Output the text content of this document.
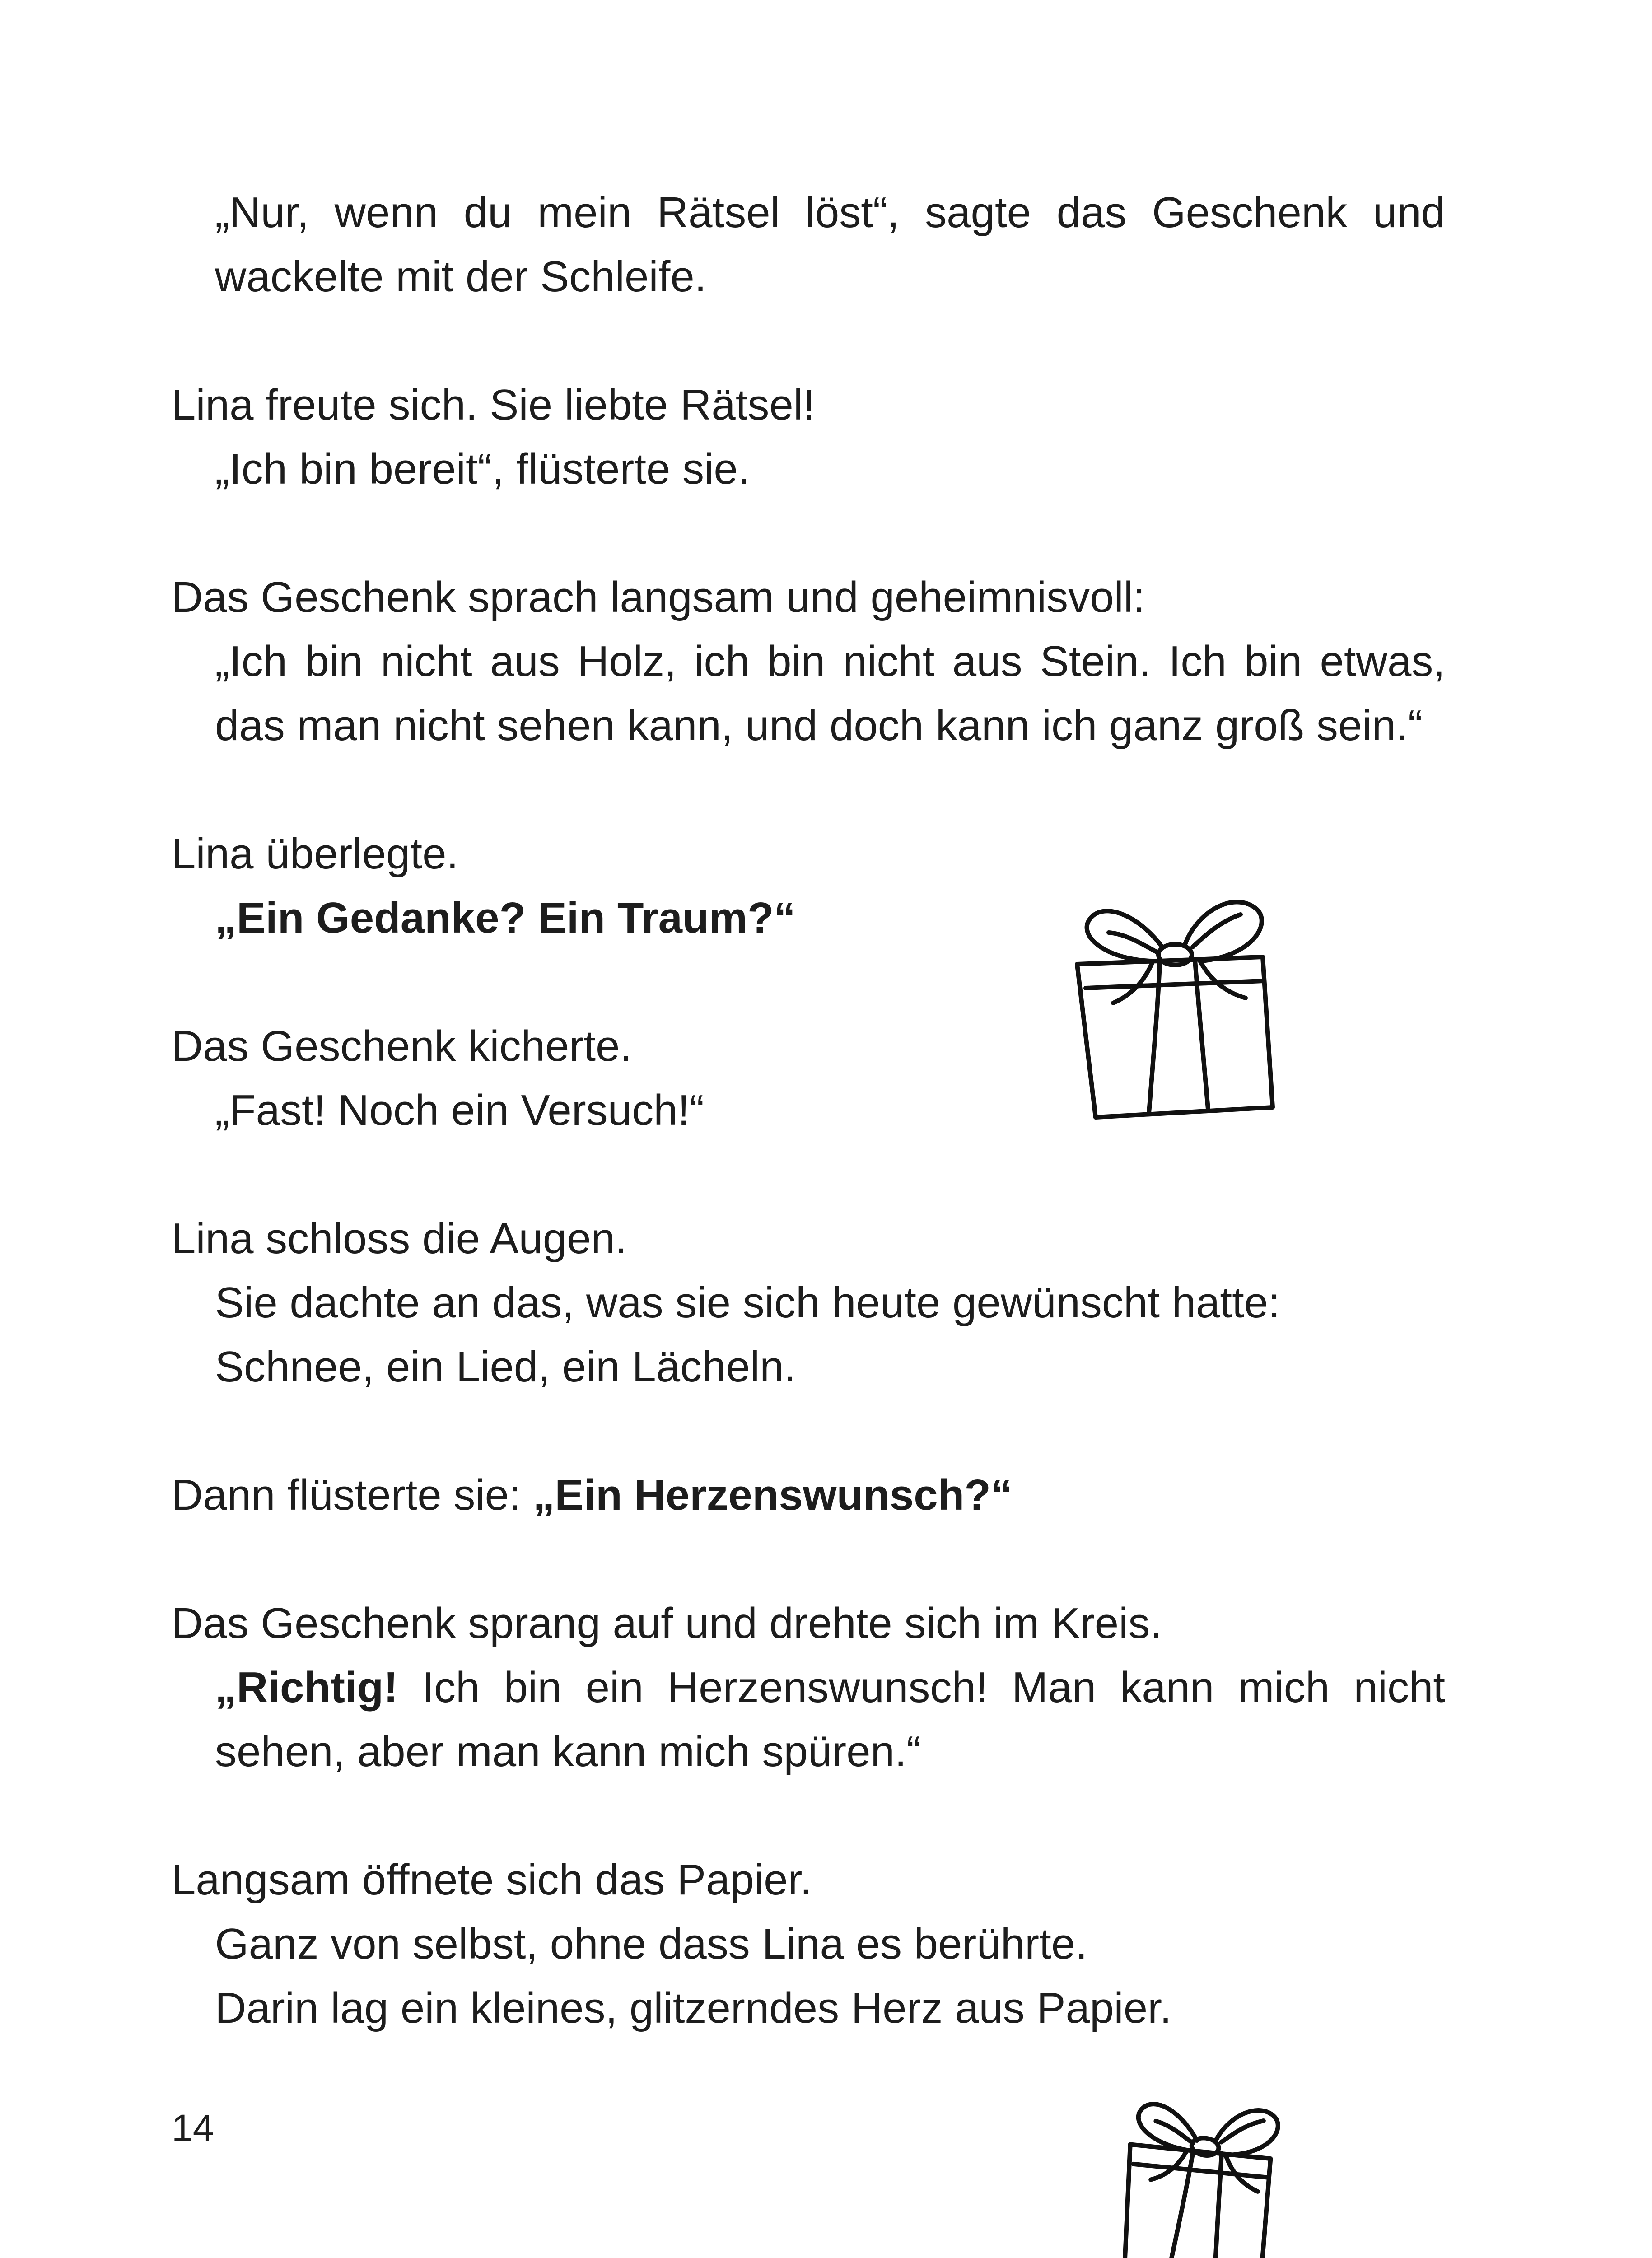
„Nur, wenn du mein Rätsel löst“, sagte das Geschenk und wackelte mit der Schleife.
Lina freute sich. Sie liebte Rätsel!
„Ich bin bereit“, flüsterte sie.
Das Geschenk sprach langsam und geheimnisvoll:
„Ich bin nicht aus Holz, ich bin nicht aus Stein. Ich bin etwas, das man nicht sehen kann, und doch kann ich ganz groß sein.“
Lina überlegte.
„Ein Gedanke? Ein Traum?“
Das Geschenk kicherte.
„Fast! Noch ein Versuch!“
Lina schloss die Augen.
Sie dachte an das, was sie sich heute gewünscht hatte:
Schnee, ein Lied, ein Lächeln.
Dann flüsterte sie: „Ein Herzenswunsch?“
Das Geschenk sprang auf und drehte sich im Kreis.
„Richtig! Ich bin ein Herzenswunsch! Man kann mich nicht sehen, aber man kann mich spüren.“
Langsam öffnete sich das Papier.
Ganz von selbst, ohne dass Lina es berührte.
Darin lag ein kleines, glitzerndes Herz aus Papier.
14
